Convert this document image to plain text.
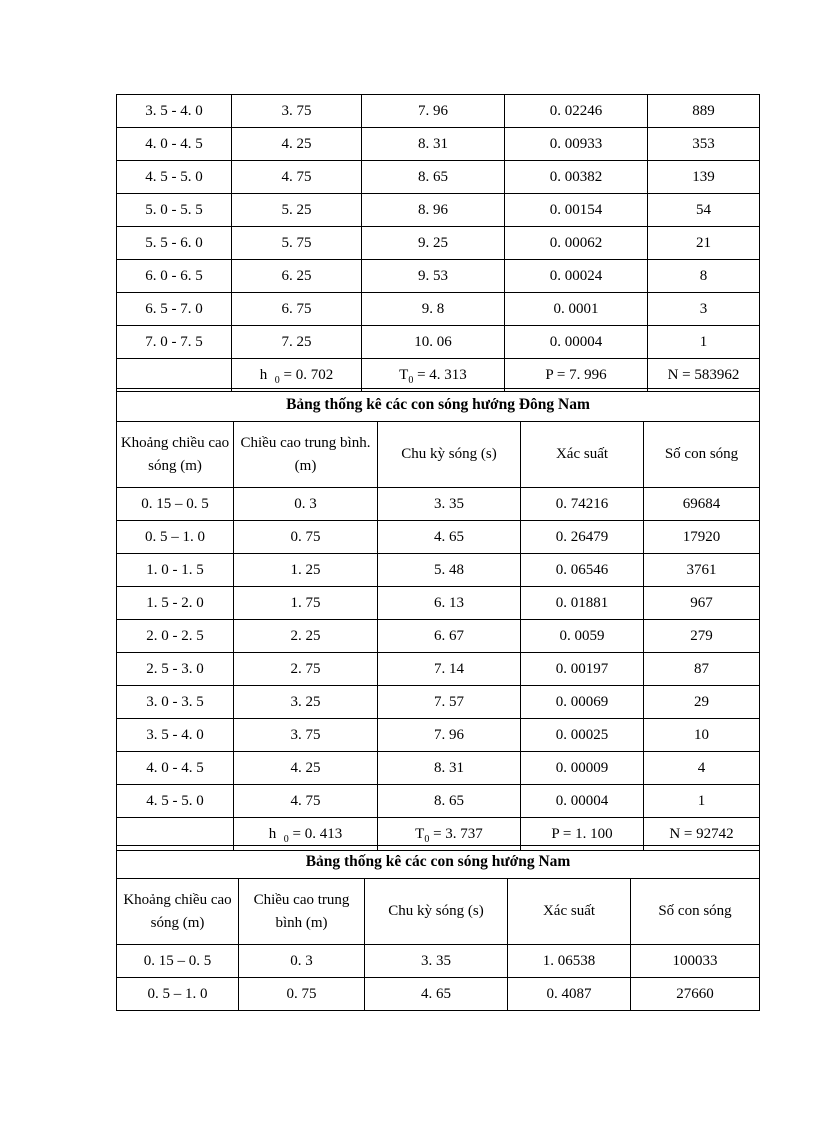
3. 5 - 4. 0	3. 75	7. 96	0. 02246	889
4. 0 - 4. 5	4. 25	8. 31	0. 00933	353
4. 5 - 5. 0	4. 75	8. 65	0. 00382	139
5. 0 - 5. 5	5. 25	8. 96	0. 00154	54
5. 5 - 6. 0	5. 75	9. 25	0. 00062	21
6. 0 - 6. 5	6. 25	9. 53	0. 00024	8
6. 5 - 7. 0	6. 75	9. 8	0. 0001	3
7. 0 - 7. 5	7. 25	10. 06	0. 00004	1
	h $_0$ = 0. 702	$T_0 = 4$. 313	P = 7. 996	N = 583962
Bảng thống kê các con sóng hướng Đông Nam				
Khoảng chiều cao sóng (m)	Chiều cao trung bình. (m)	Chu kỳ sóng (s)	Xác suất	Số con sóng
0. 15 – 0. 5	0. 3	3. 35	0. 74216	69684
0. 5 – 1. 0	0. 75	4. 65	0. 26479	17920
1. 0 - 1. 5	1. 25	5. 48	0. 06546	3761
1. 5 - 2. 0	1. 75	6. 13	0. 01881	967
2. 0 - 2. 5	2. 25	6. 67	0. 0059	279
2. 5 - 3. 0	2. 75	7. 14	0. 00197	87
3. 0 - 3. 5	3. 25	7. 57	0. 00069	29
3. 5 - 4. 0	3. 75	7. 96	0. 00025	10
4. 0 - 4. 5	4. 25	8. 31	0. 00009	4
4. 5 - 5. 0	4. 75	8. 65	0. 00004	1
	h $_0$ = 0. 413	$T_0 = 3$. 737	P = 1. 100	N = 92742
Bảng thống kê các con sóng hướng Nam				
Khoảng chiều cao sóng (m)	Chiều cao trung bình (m)	Chu kỳ sóng (s)	Xác suất	Số con sóng
0. 15 – 0. 5	0. 3	3. 35	1. 06538	100033
0. 5 – 1. 0	0. 75	4. 65	0. 4087	27660
